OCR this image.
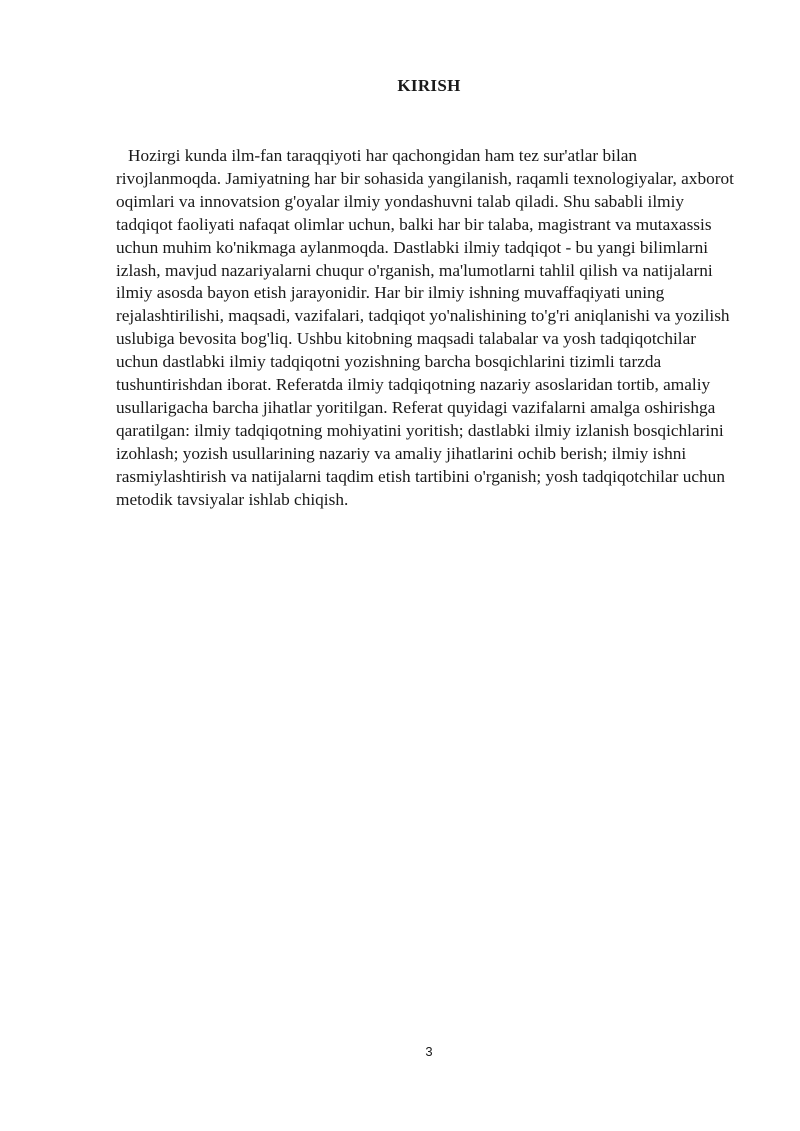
KIRISH

Hozirgi kunda ilm-fan taraqqiyoti har qachongidan ham tez sur'atlar bilan rivojlanmoqda. Jamiyatning har bir sohasida yangilanish, raqamli texnologiyalar, axborot oqimlari va innovatsion g'oyalar ilmiy yondashuvni talab qiladi. Shu sababli ilmiy tadqiqot faoliyati nafaqat olimlar uchun, balki har bir talaba, magistrant va mutaxassis uchun muhim ko'nikmaga aylanmoqda. Dastlabki ilmiy tadqiqot - bu yangi bilimlarni izlash, mavjud nazariyalarni chuqur o'rganish, ma'lumotlarni tahlil qilish va natijalarni ilmiy asosda bayon etish jarayonidir. Har bir ilmiy ishning muvaffaqiyati uning rejalashtirilishi, maqsadi, vazifalari, tadqiqot yo'nalishining to'g'ri aniqlanishi va yozilish uslubiga bevosita bog'liq. Ushbu kitobning maqsadi talabalar va yosh tadqiqotchilar uchun dastlabki ilmiy tadqiqotni yozishning barcha bosqichlarini tizimli tarzda tushuntirishdan iborat. Referatda ilmiy tadqiqotning nazariy asoslaridan tortib, amaliy usullarigacha barcha jihatlar yoritilgan. Referat quyidagi vazifalarni amalga oshirishga qaratilgan: ilmiy tadqiqotning mohiyatini yoritish; dastlabki ilmiy izlanish bosqichlarini izohlash; yozish usullarining nazariy va amaliy jihatlarini ochib berish; ilmiy ishni rasmiylashtirish va natijalarni taqdim etish tartibini o'rganish; yosh tadqiqotchilar uchun metodik tavsiyalar ishlab chiqish.

3
